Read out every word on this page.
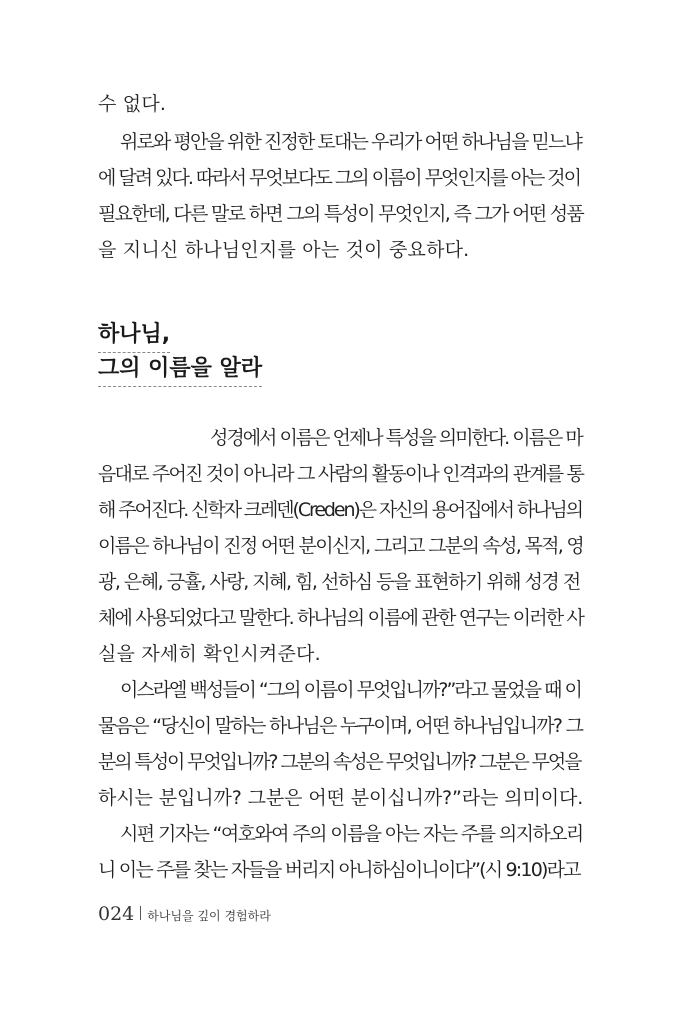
수 없다.
위로와 평안을 위한 진정한 토대는 우리가 어떤 하나님을 믿느냐
에 달려 있다. 따라서 무엇보다도 그의 이름이 무엇인지를 아는 것이
필요한데, 다른 말로 하면 그의 특성이 무엇인지, 즉 그가 어떤 성품
을 지니신 하나님인지를 아는 것이 중요하다.
하나님,
그의 이름을 알라
성경에서 이름은 언제나 특성을 의미한다. 이름은 마
음대로 주어진 것이 아니라 그 사람의 활동이나 인격과의 관계를 통
해 주어진다. 신학자 크레덴(Creden)은 자신의 용어집에서 하나님의
이름은 하나님이 진정 어떤 분이신지, 그리고 그분의 속성, 목적, 영
광, 은혜, 긍휼, 사랑, 지혜, 힘, 선하심 등을 표현하기 위해 성경 전
체에 사용되었다고 말한다. 하나님의 이름에 관한 연구는 이러한 사
실을 자세히 확인시켜준다.
이스라엘 백성들이 “그의 이름이 무엇입니까?”라고 물었을 때 이
물음은 “당신이 말하는 하나님은 누구이며, 어떤 하나님입니까? 그
분의 특성이 무엇입니까? 그분의 속성은 무엇입니까? 그분은 무엇을
하시는 분입니까? 그분은 어떤 분이십니까?”라는 의미이다.
시편 기자는 “여호와여 주의 이름을 아는 자는 주를 의지하오리
니 이는 주를 찾는 자들을 버리지 아니하심이니이다”(시 9:10)라고
024 하나님을 깊이 경험하라
